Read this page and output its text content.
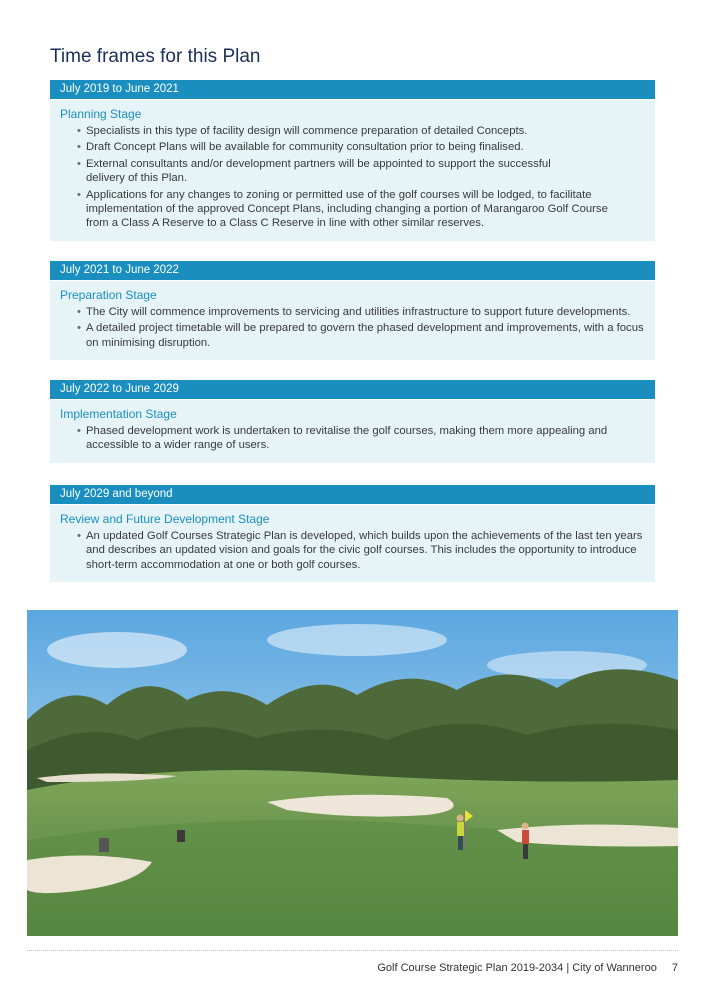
Time frames for this Plan
July 2019 to June 2021
Planning Stage
• Specialists in this type of facility design will commence preparation of detailed Concepts.
• Draft Concept Plans will be available for community consultation prior to being finalised.
• External consultants and/or development partners will be appointed to support the successful delivery of this Plan.
• Applications for any changes to zoning or permitted use of the golf courses will be lodged, to facilitate implementation of the approved Concept Plans, including changing a portion of Marangaroo Golf Course from a Class A Reserve to a Class C Reserve in line with other similar reserves.
July 2021 to June 2022
Preparation Stage
• The City will commence improvements to servicing and utilities infrastructure to support future developments.
• A detailed project timetable will be prepared to govern the phased development and improvements, with a focus on minimising disruption.
July 2022 to June 2029
Implementation Stage
• Phased development work is undertaken to revitalise the golf courses, making them more appealing and accessible to a wider range of users.
July 2029 and beyond
Review and Future Development Stage
• An updated Golf Courses Strategic Plan is developed, which builds upon the achievements of the last ten years and describes an updated vision and goals for the civic golf courses. This includes the opportunity to introduce short-term accommodation at one or both golf courses.
Golf Course Strategic Plan 2019-2034 | City of Wanneroo 7
